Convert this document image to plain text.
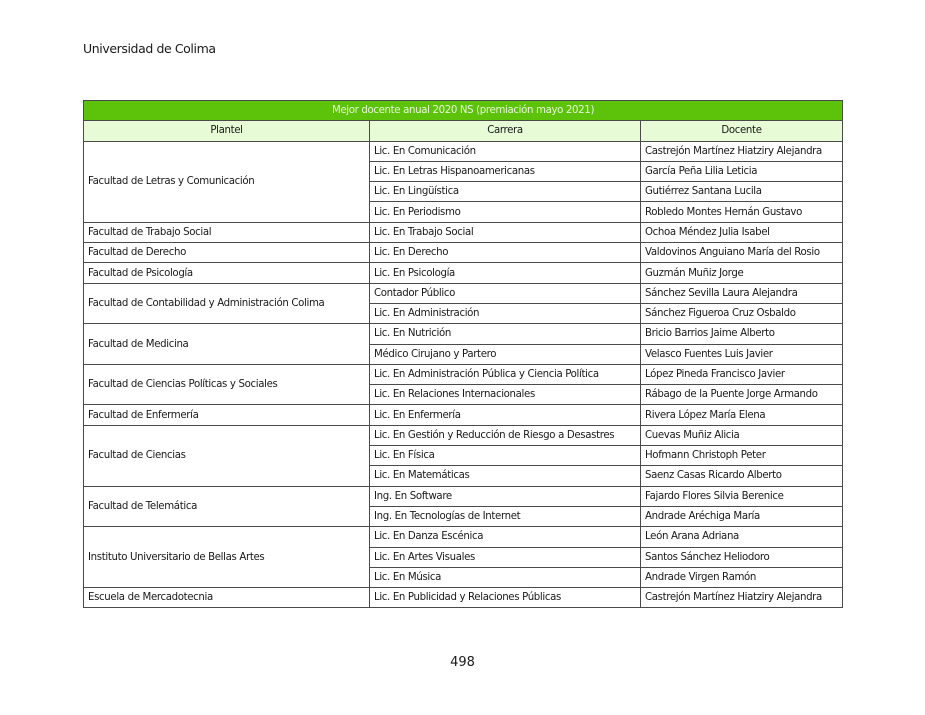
Universidad de Colima
Mejor docente anual 2020 NS (premiación mayo 2021)		
Plantel	Carrera	Docente
Facultad de Letras y Comunicación	Lic. En Comunicación	Castrejón Martínez Hiatziry Alejandra
	Lic. En Letras Hispanoamericanas	García Peña Lilia Leticia
	Lic. En Lingüística	Gutiérrez Santana Lucila
	Lic. En Periodismo	Robledo Montes Hernán Gustavo
Facultad de Trabajo Social	Lic. En Trabajo Social	Ochoa Méndez Julia Isabel
Facultad de Derecho	Lic. En Derecho	Valdovinos Anguiano María del Rosio
Facultad de Psicología	Lic. En Psicología	Guzmán Muñiz Jorge
Facultad de Contabilidad y Administración Colima	Contador Público	Sánchez Sevilla Laura Alejandra
	Lic. En Administración	Sánchez Figueroa Cruz Osbaldo
Facultad de Medicina	Lic. En Nutrición	Bricio Barrios Jaime Alberto
	Médico Cirujano y Partero	Velasco Fuentes Luis Javier
Facultad de Ciencias Políticas y Sociales	Lic. En Administración Pública y Ciencia Política	López Pineda Francisco Javier
	Lic. En Relaciones Internacionales	Rábago de la Puente Jorge Armando
Facultad de Enfermería	Lic. En Enfermería	Rivera López María Elena
Facultad de Ciencias	Lic. En Gestión y Reducción de Riesgo a Desastres	Cuevas Muñiz Alicia
	Lic. En Física	Hofmann Christoph Peter
	Lic. En Matemáticas	Saenz Casas Ricardo Alberto
Facultad de Telemática	Ing. En Software	Fajardo Flores Silvia Berenice
	Ing. En Tecnologías de Internet	Andrade Aréchiga María
Instituto Universitario de Bellas Artes	Lic. En Danza Escénica	León Arana Adriana
	Lic. En Artes Visuales	Santos Sánchez Heliodoro
	Lic. En Música	Andrade Virgen Ramón
Escuela de Mercadotecnia	Lic. En Publicidad y Relaciones Públicas	Castrejón Martínez Hiatziry Alejandra
498
